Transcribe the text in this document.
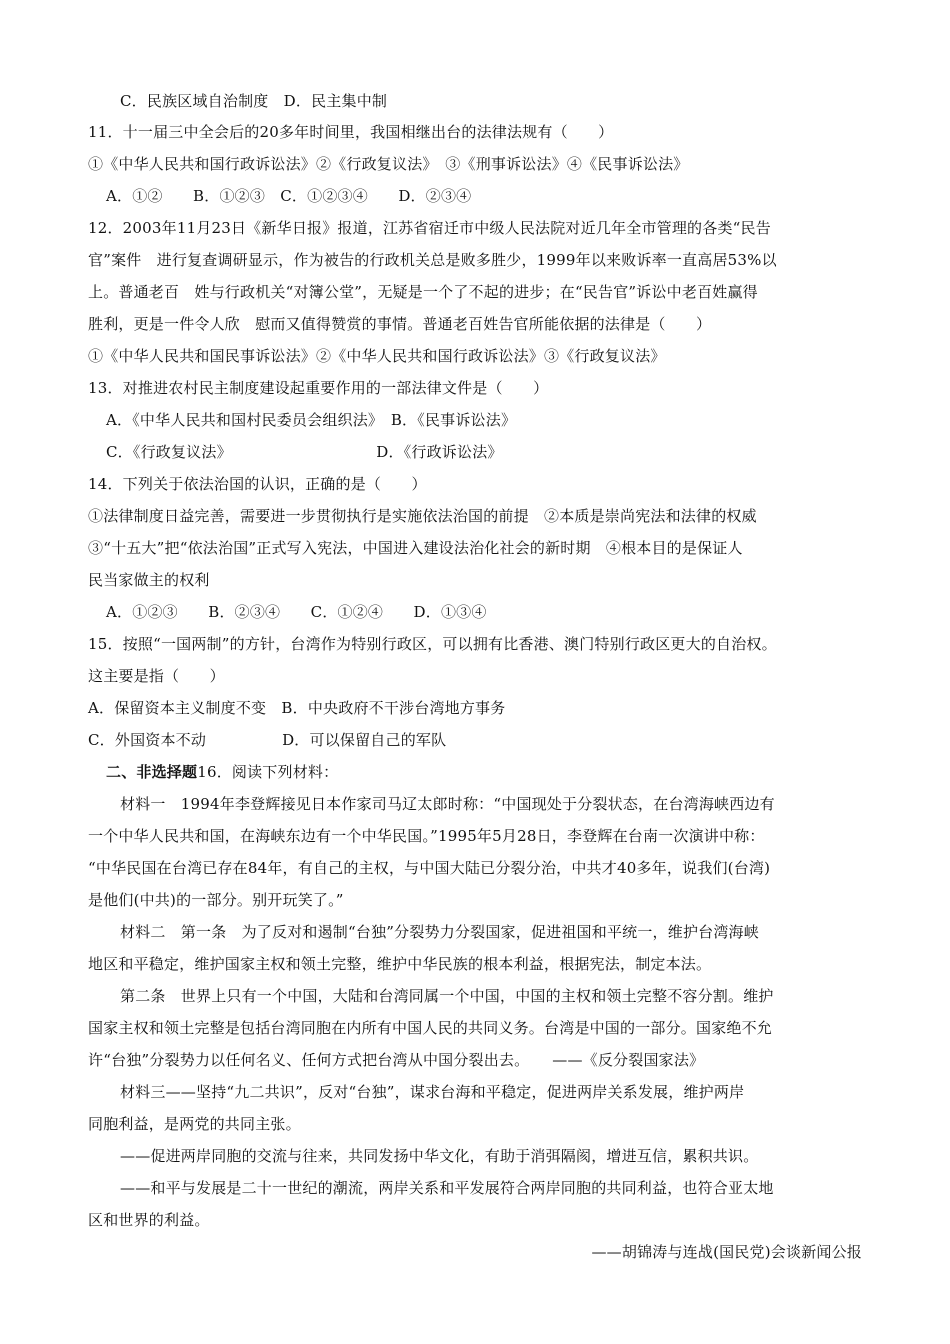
C．民族区域自治制度　D．民主集中制
11．十一届三中全会后的20多年时间里，我国相继出台的法律法规有（　　）
①《中华人民共和国行政诉讼法》②《行政复议法》　③《刑事诉讼法》④《民事诉讼法》
A．①②　　B．①②③　C．①②③④　　D．②③④
12．2003年11月23日《新华日报》报道，江苏省宿迁市中级人民法院对近几年全市管理的各类“民告
官”案件　进行复查调研显示，作为被告的行政机关总是败多胜少，1999年以来败诉率一直高居53%以
上。普通老百　姓与行政机关“对簿公堂”，无疑是一个了不起的进步；在“民告官”诉讼中老百姓赢得
胜利，更是一件令人欣　慰而又值得赞赏的事情。普通老百姓告官所能依据的法律是（　　）
①《中华人民共和国民事诉讼法》②《中华人民共和国行政诉讼法》③《行政复议法》
13．对推进农村民主制度建设起重要作用的一部法律文件是（　　）
A．《中华人民共和国村民委员会组织法》　B．《民事诉讼法》
C．《行政复议法》　　　　　　　　　　D．《行政诉讼法》
14．下列关于依法治国的认识，正确的是（　　）
①法律制度日益完善，需要进一步贯彻执行是实施依法治国的前提　②本质是崇尚宪法和法律的权威
③“十五大”把“依法治国”正式写入宪法，中国进入建设法治化社会的新时期　④根本目的是保证人
民当家做主的权利
A．①②③　　B．②③④　　C．①②④　　D．①③④
15．按照“一国两制”的方针，台湾作为特别行政区，可以拥有比香港、澳门特别行政区更大的自治权。
这主要是指（　　）
A．保留资本主义制度不变　B．中央政府不干涉台湾地方事务
C．外国资本不动　　　　　D．可以保留自己的军队
二、非选择题16．阅读下列材料：
材料一　1994年李登辉接见日本作家司马辽太郎时称：“中国现处于分裂状态，在台湾海峡西边有
一个中华人民共和国，在海峡东边有一个中华民国。”1995年5月28日，李登辉在台南一次演讲中称：
“中华民国在台湾已存在84年，有自己的主权，与中国大陆已分裂分治，中共才40多年，说我们(台湾)
是他们(中共)的一部分。别开玩笑了。”
材料二　第一条　为了反对和遏制“台独”分裂势力分裂国家，促进祖国和平统一，维护台湾海峡
地区和平稳定，维护国家主权和领土完整，维护中华民族的根本利益，根据宪法，制定本法。
第二条　世界上只有一个中国，大陆和台湾同属一个中国，中国的主权和领土完整不容分割。维护
国家主权和领土完整是包括台湾同胞在内所有中国人民的共同义务。台湾是中国的一部分。国家绝不允
许“台独”分裂势力以任何名义、任何方式把台湾从中国分裂出去。　　——《反分裂国家法》
材料三——坚持“九二共识”，反对“台独”，谋求台海和平稳定，促进两岸关系发展，维护两岸
同胞利益，是两党的共同主张。
——促进两岸同胞的交流与往来，共同发扬中华文化，有助于消弭隔阂，增进互信，累积共识。
——和平与发展是二十一世纪的潮流，两岸关系和平发展符合两岸同胞的共同利益，也符合亚太地
区和世界的利益。
——胡锦涛与连战(国民党)会谈新闻公报
